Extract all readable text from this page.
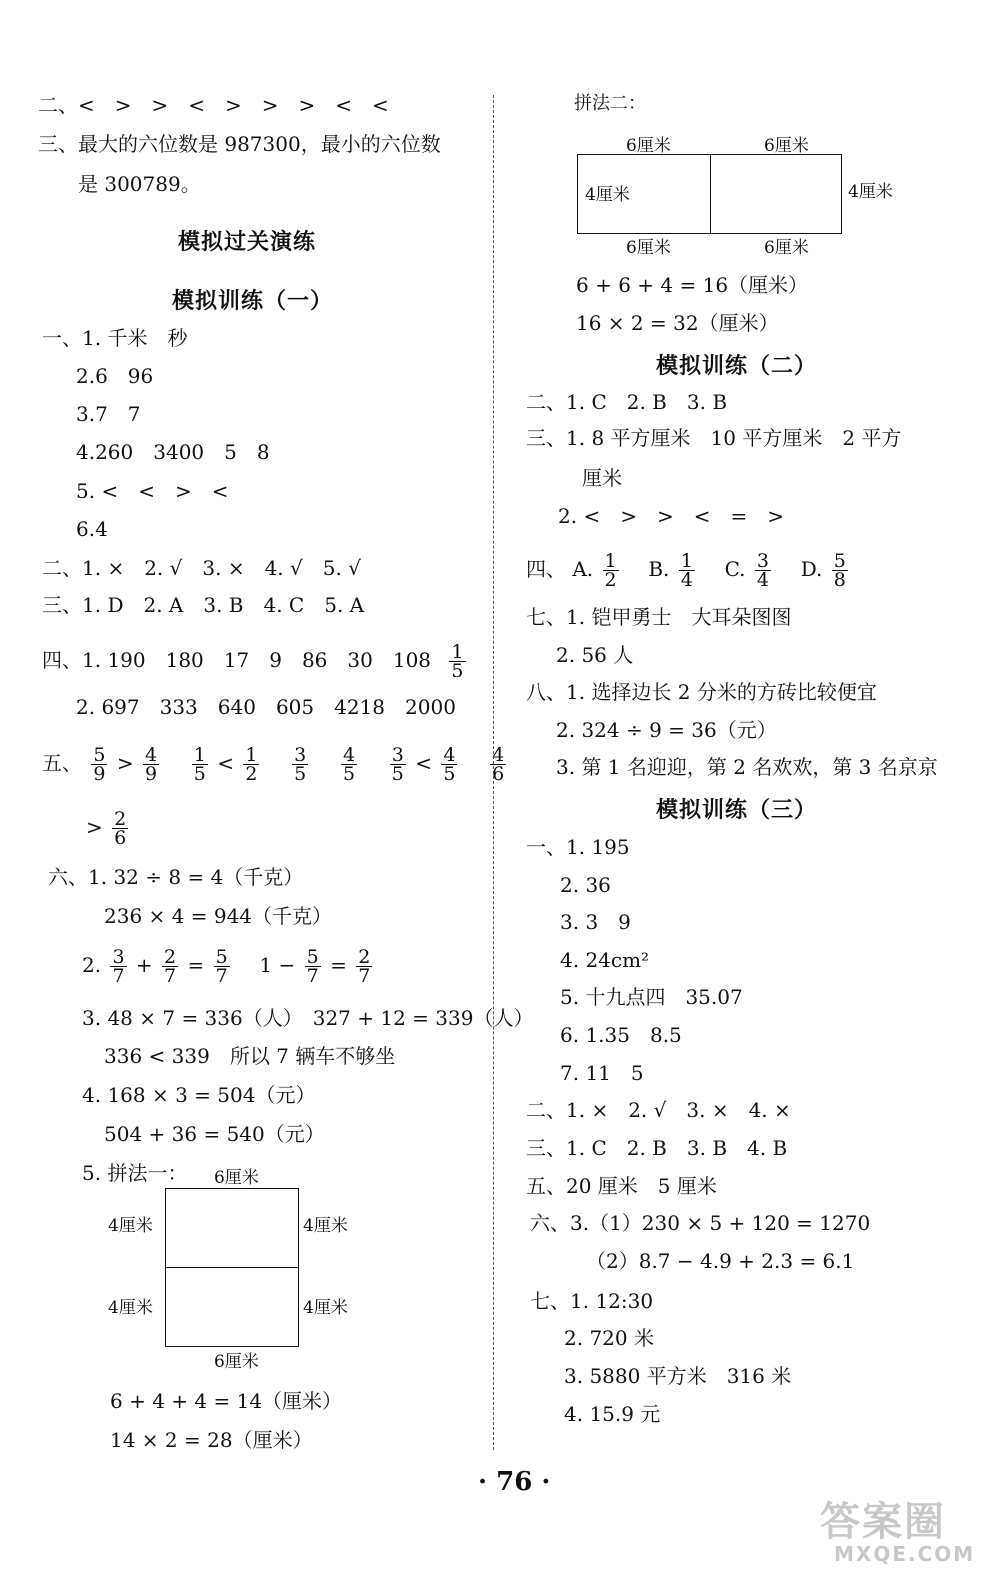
二、<　>　>　<　>　>　>　<　<
三、最大的六位数是 987300，最小的六位数
是 300789。
模拟过关演练
模拟训练（一）
一、1. 千米　秒
2.6　96
3.7　7
4.260　3400　5　8
5. <　<　>　<
6.4
二、1. ×　2. √　3. ×　4. √　5. √
三、1. D　2. A　3. B　4. C　5. A
四、1. 190　180　17　9　86　30　$108 \frac{1}{5}$
2. 697　333　640　605　4218　2000
五、 $\frac{5}{9} > \frac{4}{9}$
$\frac{1}{5} < \frac{1}{2}$
$\frac{3}{5}$
$\frac{4}{5}$
$\frac{3}{5} < \frac{4}{5}$
$\frac{4}{6}$
> $\frac{2}{6}$
六、1. 32 ÷ 8 = 4（千克）
236 × 4 = 944（千克）
2. $\frac{3}{7} + \frac{2}{7} = \frac{5}{7} 1 - \frac{5}{7} = \frac{2}{7}$
3. 48 × 7 = 336（人）　327 + 12 = 339（人）
336 < 339　所以 7 辆车不够坐
4. 168 × 3 = 504（元）
504 + 36 = 540（元）
5. 拼法一： 6厘米
4厘米
4厘米
4厘米
4厘米
6厘米
6 + 4 + 4 = 14（厘米）
14 × 2 = 28（厘米）
拼法二：
6厘米	6厘米
4厘米	4厘米
6厘米	6厘米
6 + 6 + 4 = 16（厘米）
16 × 2 = 32（厘米）
模拟训练（二）
二、1. C　2. B　3. B
三、1. 8 平方厘米　10 平方厘米　2 平方
厘米
2. <　>　>　<　=　>
四、 A. $\frac{1}{2} B$. $\frac{1}{4} C$. $\frac{3}{4} D$. $\frac{5}{8}$
七、1. 铠甲勇士　大耳朵图图
2. 56 人
八、1. 选择边长 2 分米的方砖比较便宜
2. 324 ÷ 9 = 36（元）
3. 第 1 名迎迎，第 2 名欢欢，第 3 名京京
模拟训练（三）
一、1. 195
2. 36
3. 3　9
4. 24cm²
5. 十九点四　35.07
6. 1.35　8.5
7. 11　5
二、1. ×　2. √　3. ×　4. ×
三、1. C　2. B　3. B　4. B
五、20 厘米　5 厘米
六、3.（1）230 × 5 + 120 = 1270
（2）8.7 − 4.9 + 2.3 = 6.1
七、1. 12:30
2. 720 米
3. 5880 平方米　316 米
4. 15.9 元
· 76 ·
答案圈
MXQE.COM
